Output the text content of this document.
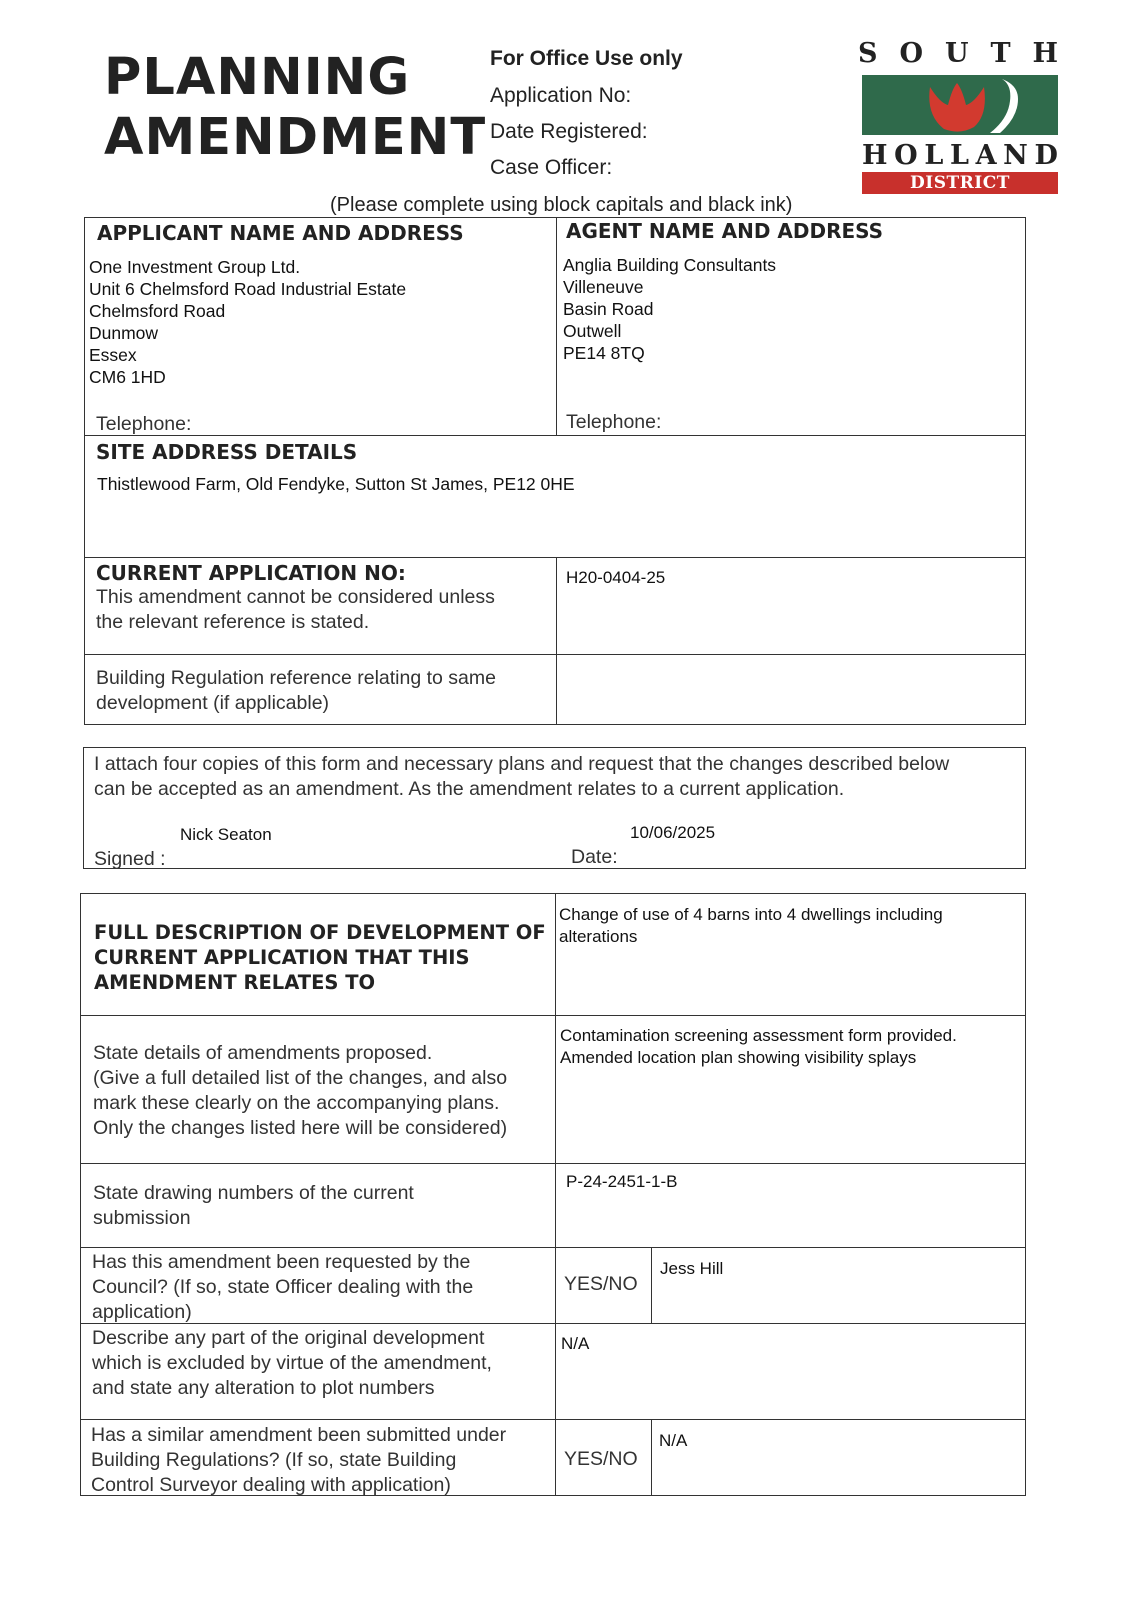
PLANNING
AMENDMENT
For Office Use only
Application No:
Date Registered:
Case Officer:
S O U T H
H O L L A N D
DISTRICT COUNCIL
(Please complete using block capitals and black ink)
APPLICANT NAME AND ADDRESS
One Investment Group Ltd.
Unit 6 Chelmsford Road Industrial Estate
Chelmsford Road
Dunmow
Essex
CM6 1HD
Telephone:
AGENT NAME AND ADDRESS
Anglia Building Consultants
Villeneuve
Basin Road
Outwell
PE14 8TQ
Telephone:
SITE ADDRESS DETAILS
Thistlewood Farm, Old Fendyke, Sutton St James, PE12 0HE
CURRENT APPLICATION NO:
This amendment cannot be considered unless
the relevant reference is stated.
H20-0404-25
Building Regulation reference relating to same
development (if applicable)
I attach four copies of this form and necessary plans and request that the changes described below
can be accepted as an amendment. As the amendment relates to a current application.
Nick Seaton
Signed :
10/06/2025
Date:
FULL DESCRIPTION OF DEVELOPMENT OF
CURRENT APPLICATION THAT THIS
AMENDMENT RELATES TO
Change of use of 4 barns into 4 dwellings including
alterations
State details of amendments proposed.
(Give a full detailed list of the changes, and also
mark these clearly on the accompanying plans.
Only the changes listed here will be considered)
Contamination screening assessment form provided.
Amended location plan showing visibility splays
State drawing numbers of the current
submission
P-24-2451-1-B
Has this amendment been requested by the
Council? (If so, state Officer dealing with the
application)
YES/NO
Jess Hill
Describe any part of the original development
which is excluded by virtue of the amendment,
and state any alteration to plot numbers
N/A
Has a similar amendment been submitted under
Building Regulations? (If so, state Building
Control Surveyor dealing with application)
YES/NO
N/A
